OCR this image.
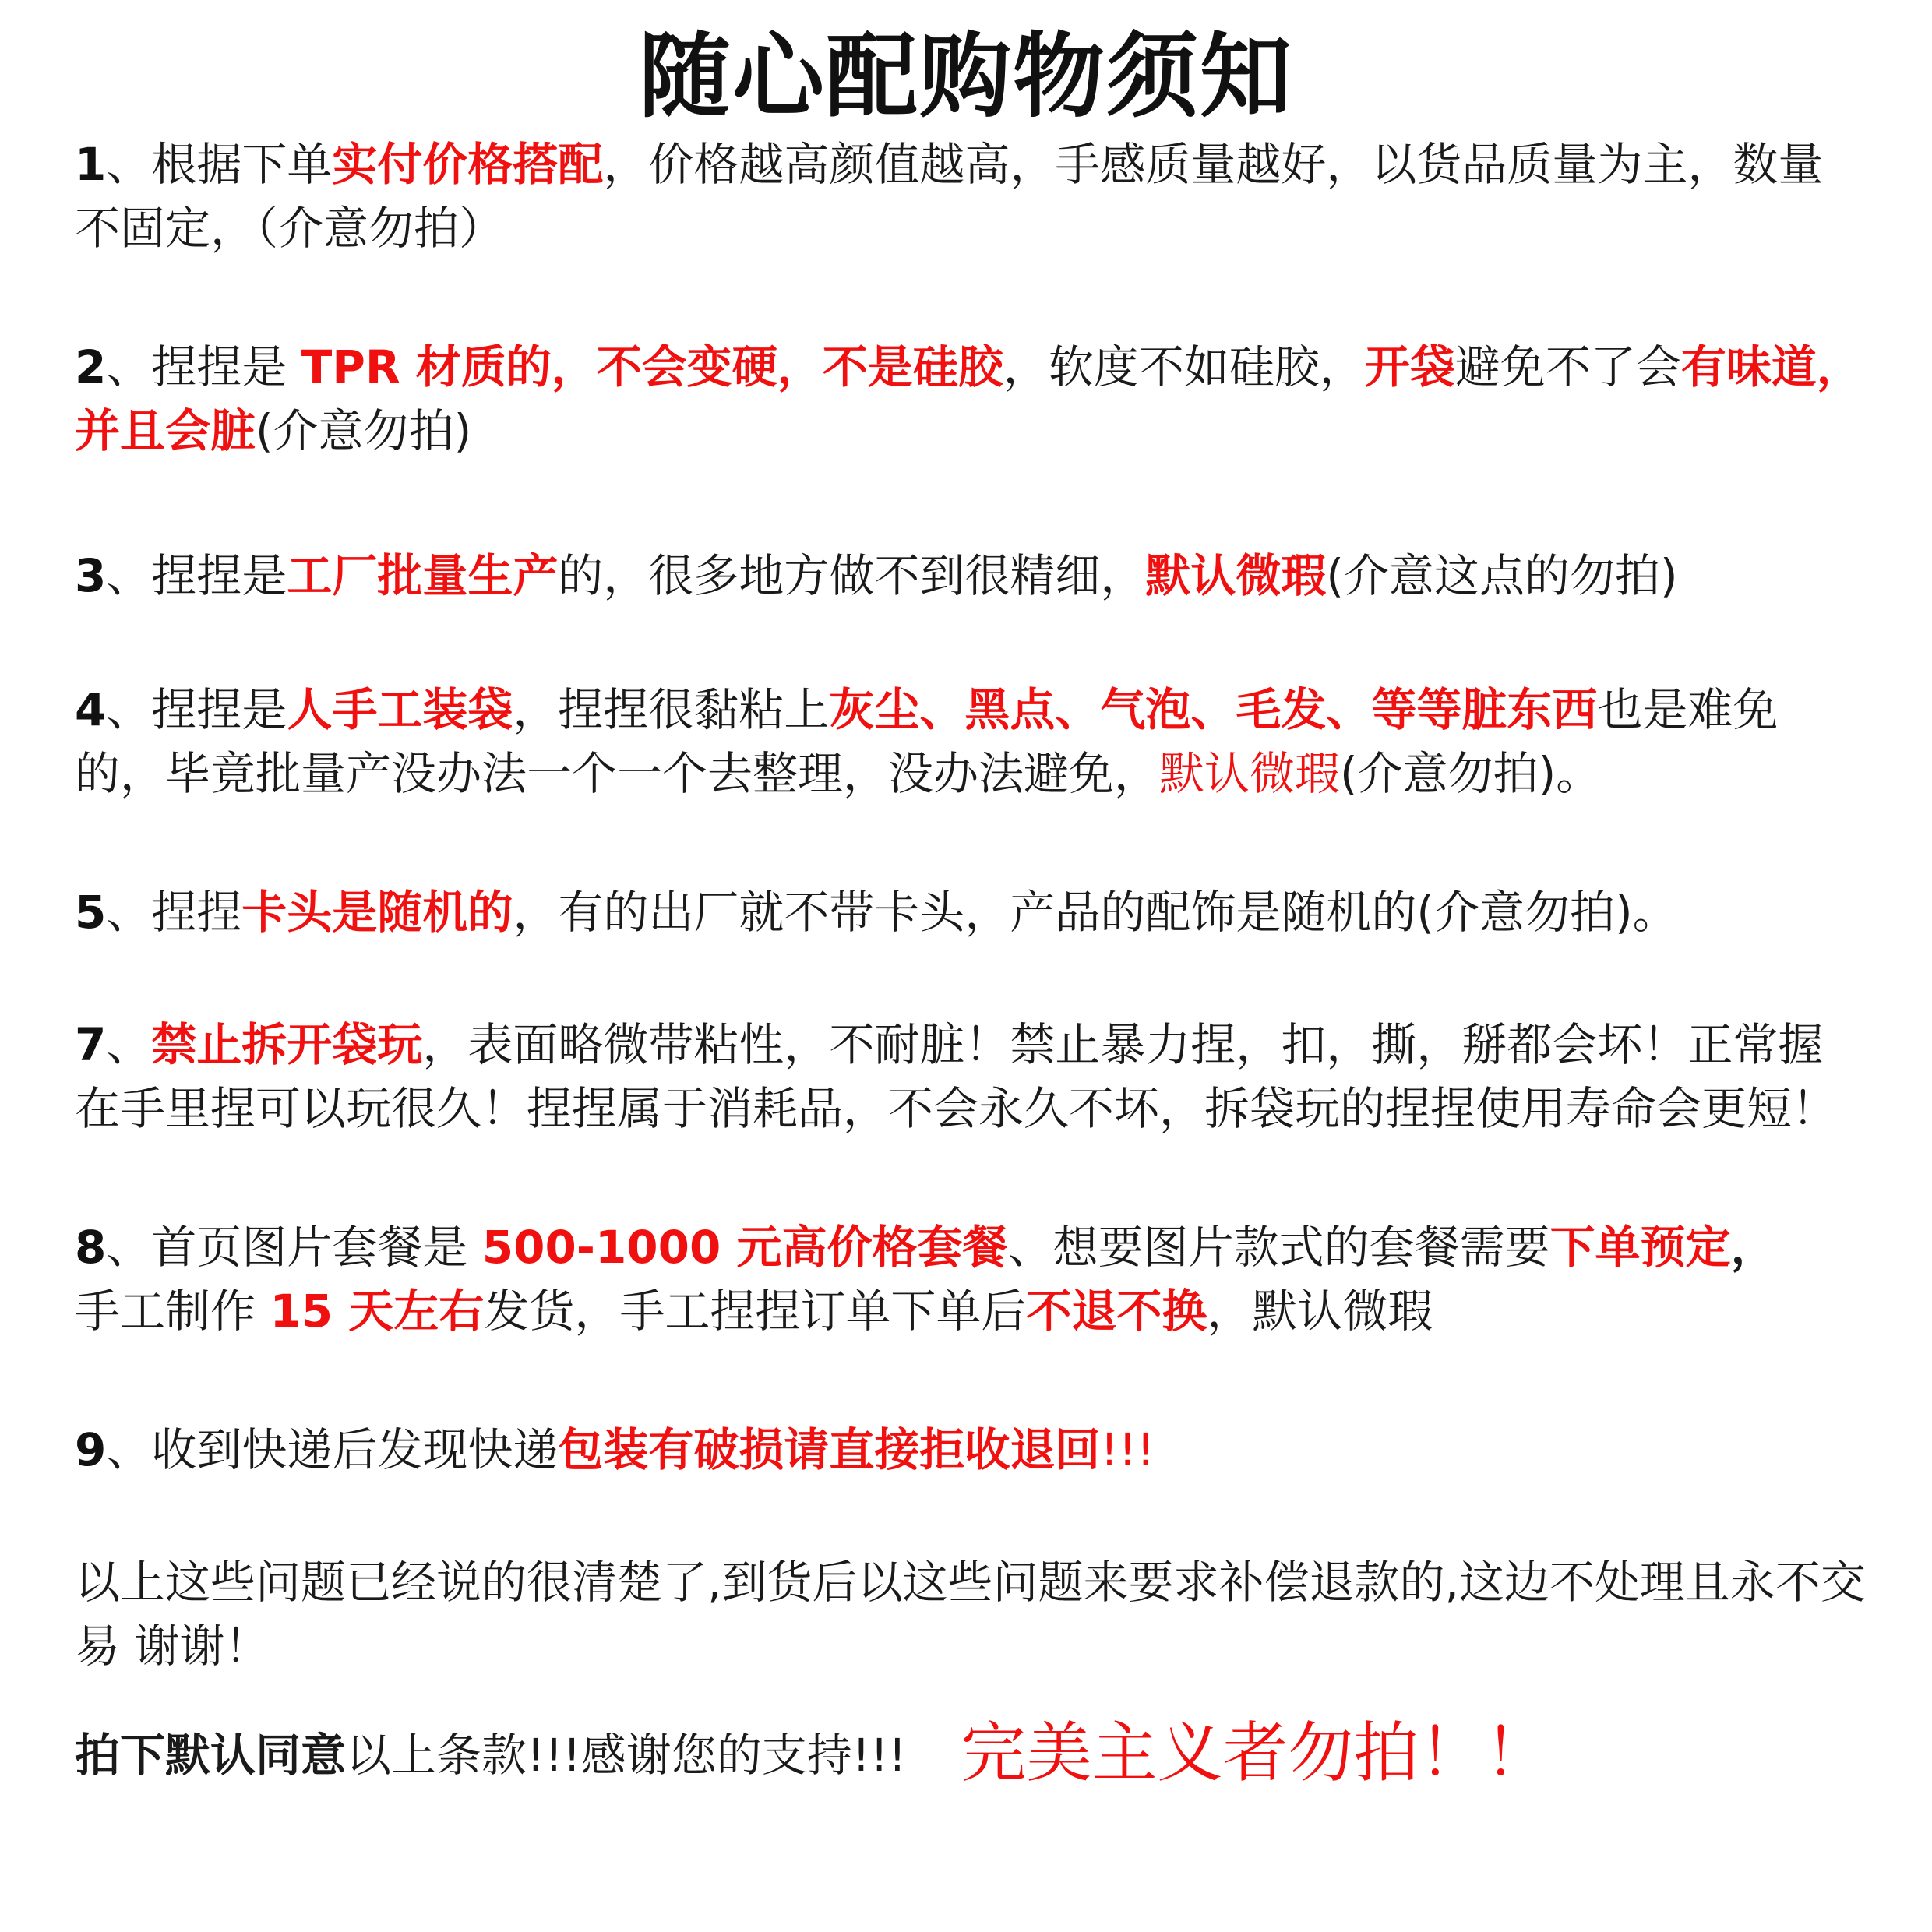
随心配购物须知
1、根据下单实付价格搭配，价格越高颜值越高，手感质量越好，以货品质量为主，数量不固定，（介意勿拍）
2、捏捏是 TPR 材质的，不会变硬，不是硅胶，软度不如硅胶，开袋避免不了会有味道，并且会脏(介意勿拍)
3、捏捏是工厂批量生产的，很多地方做不到很精细，默认微瑕(介意这点的勿拍)
4、捏捏是人手工装袋，捏捏很黏粘上灰尘、黑点、气泡、毛发、等等脏东西也是难免的，毕竟批量产没办法一个一个去整理，没办法避免，默认微瑕(介意勿拍)。
5、捏捏卡头是随机的，有的出厂就不带卡头，产品的配饰是随机的(介意勿拍)。
7、禁止拆开袋玩，表面略微带粘性，不耐脏！禁止暴力捏，扣，撕，掰都会坏！正常握在手里捏可以玩很久！捏捏属于消耗品，不会永久不坏，拆袋玩的捏捏使用寿命会更短！
8、首页图片套餐是 500-1000 元高价格套餐、想要图片款式的套餐需要下单预定，
手工制作 15 天左右发货，手工捏捏订单下单后不退不换，默认微瑕
9、收到快递后发现快递包装有破损请直接拒收退回!!!
以上这些问题已经说的很清楚了,到货后以这些问题来要求补偿退款的,这边不处理且永不交易 谢谢！
拍下默认同意以上条款!!!感谢您的支持!!! 完美主义者勿拍！！
